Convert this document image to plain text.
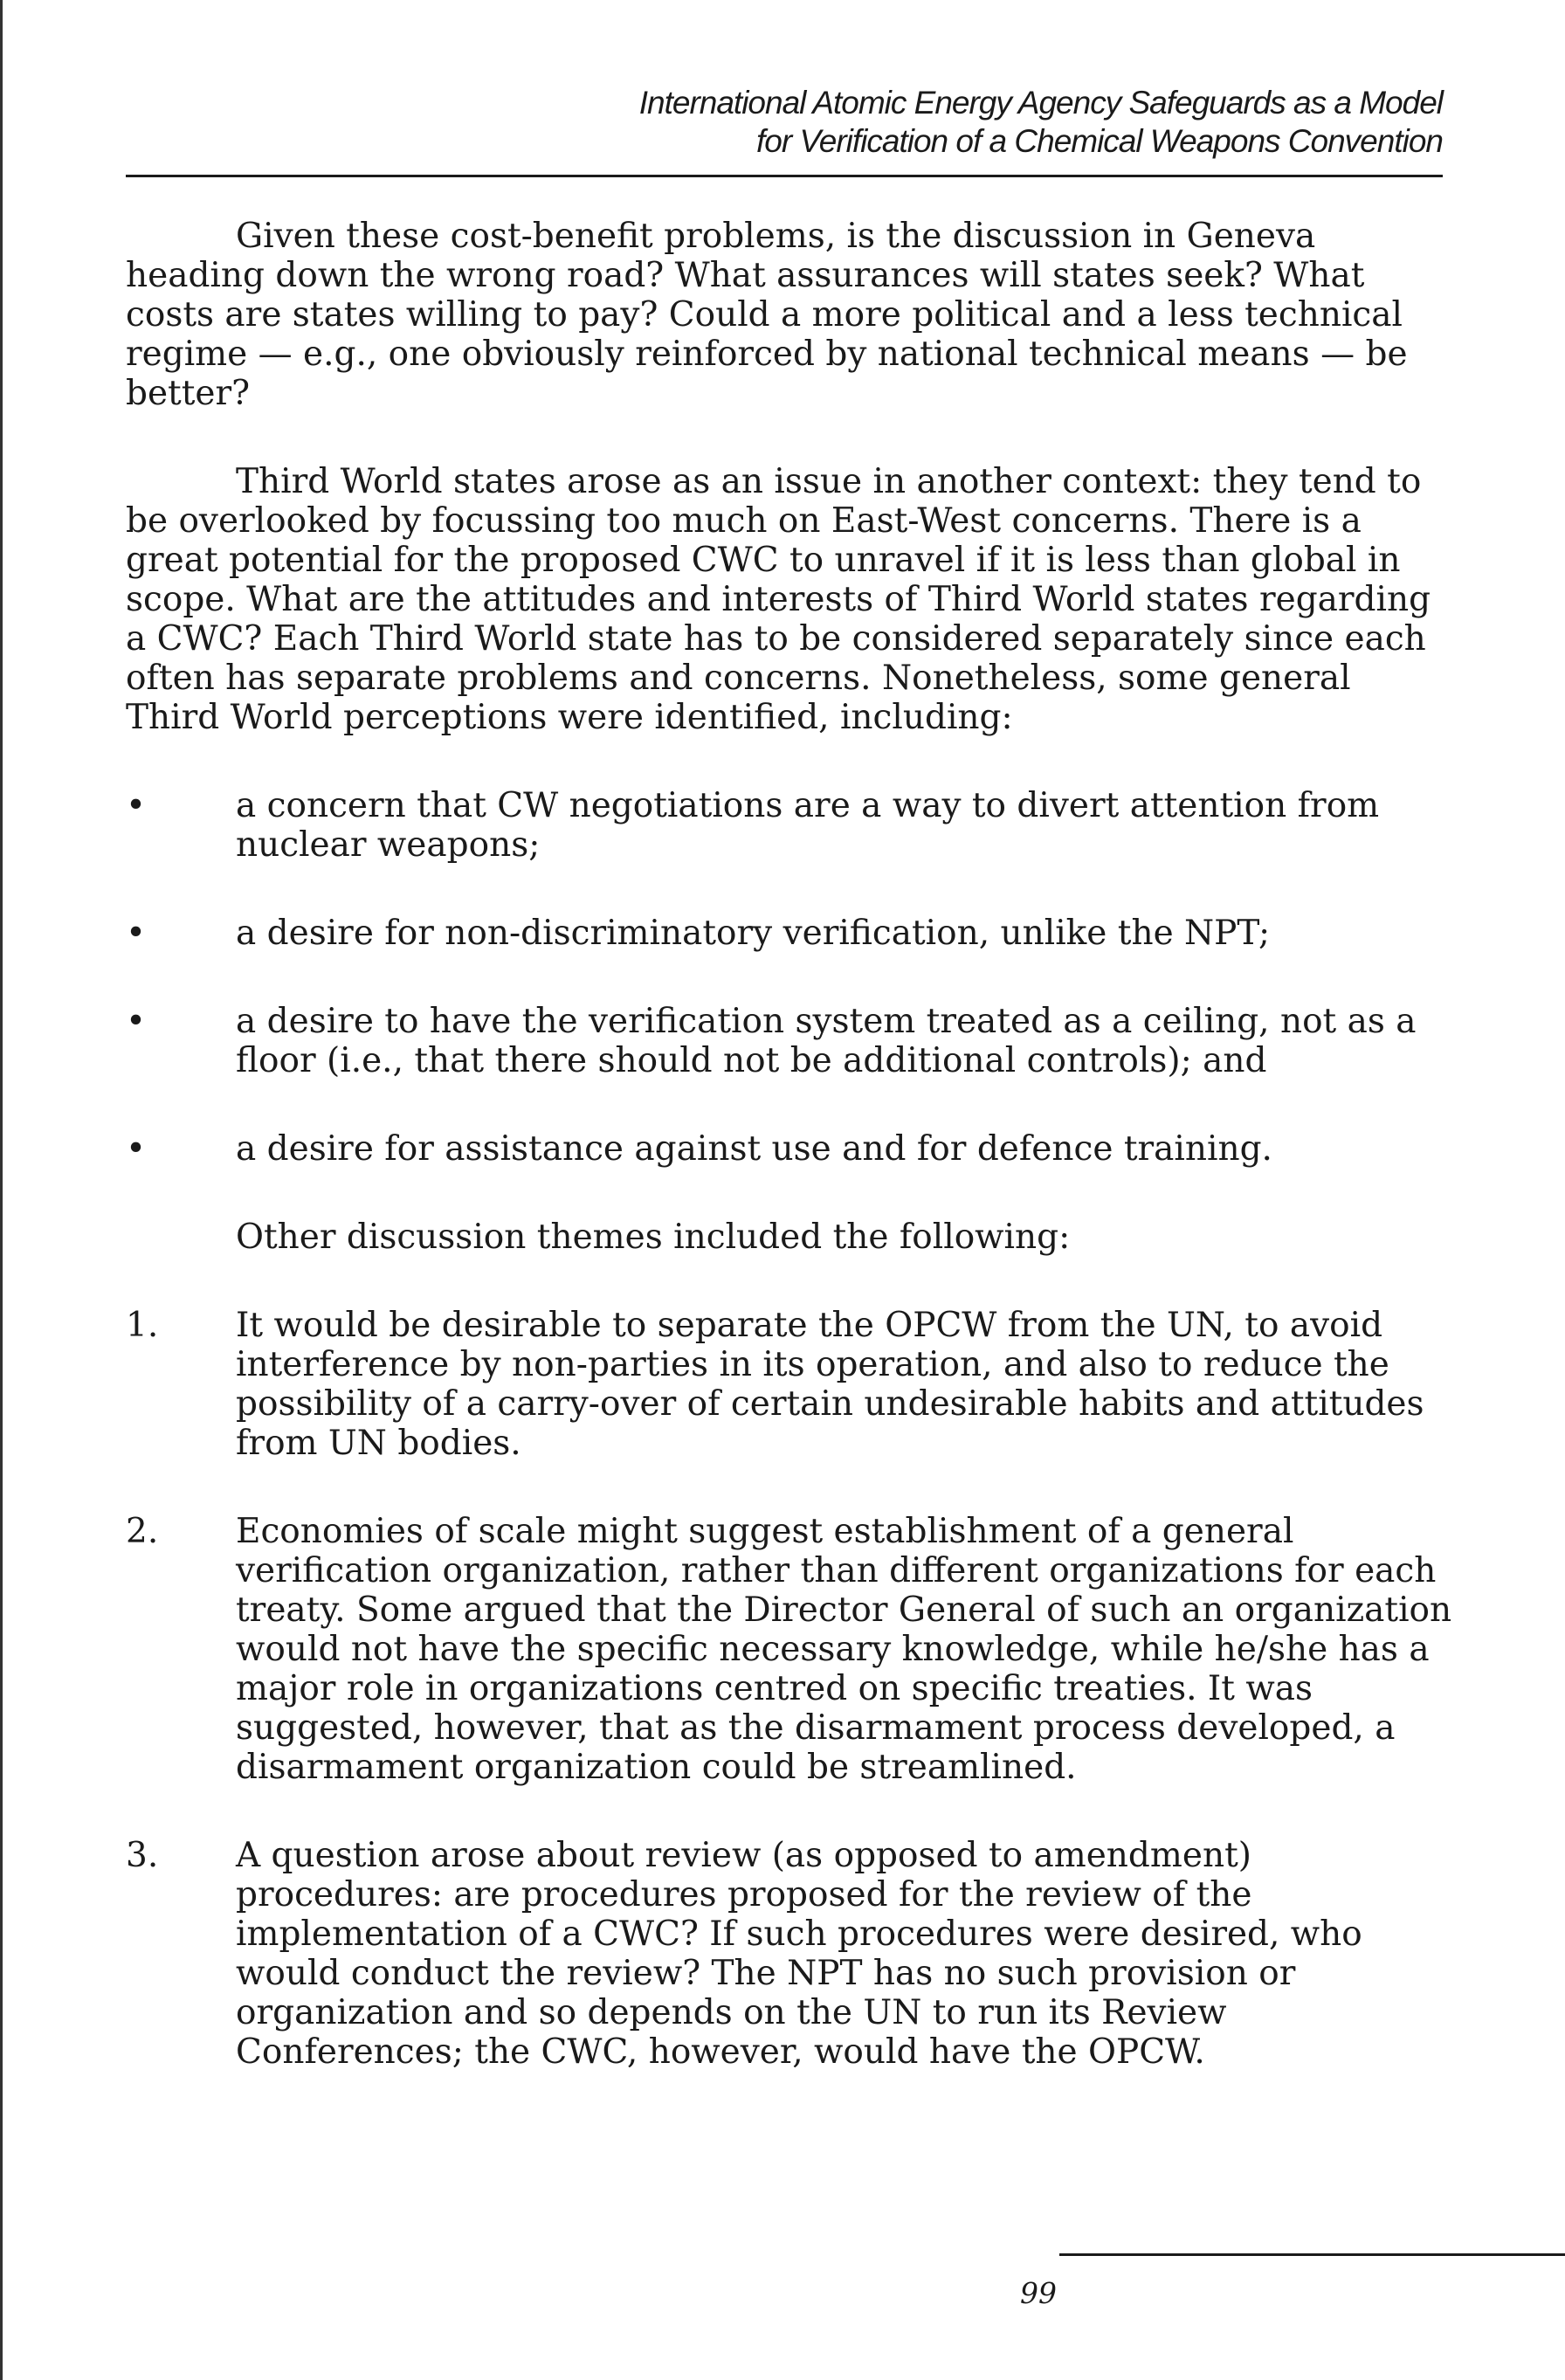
International Atomic Energy Agency Safeguards as a Model
for Verification of a Chemical Weapons Convention

Given these cost-benefit problems, is the discussion in Geneva heading down the wrong road? What assurances will states seek? What costs are states willing to pay? Could a more political and a less technical regime — e.g., one obviously reinforced by national technical means — be better?

Third World states arose as an issue in another context: they tend to be overlooked by focussing too much on East-West concerns. There is a great potential for the proposed CWC to unravel if it is less than global in scope. What are the attitudes and interests of Third World states regarding a CWC? Each Third World state has to be considered separately since each often has separate problems and concerns. Nonetheless, some general Third World perceptions were identified, including:

•	a concern that CW negotiations are a way to divert attention from nuclear weapons;
•	a desire for non-discriminatory verification, unlike the NPT;
•	a desire to have the verification system treated as a ceiling, not as a floor (i.e., that there should not be additional controls); and
•	a desire for assistance against use and for defence training.

Other discussion themes included the following:

1.	It would be desirable to separate the OPCW from the UN, to avoid interference by non-parties in its operation, and also to reduce the possibility of a carry-over of certain undesirable habits and attitudes from UN bodies.
2.	Economies of scale might suggest establishment of a general verification organization, rather than different organizations for each treaty. Some argued that the Director General of such an organization would not have the specific necessary knowledge, while he/she has a major role in organizations centred on specific treaties. It was suggested, however, that as the disarmament process developed, a disarmament organization could be streamlined.
3.	A question arose about review (as opposed to amendment) procedures: are procedures proposed for the review of the implementation of a CWC? If such procedures were desired, who would conduct the review? The NPT has no such provision or organization and so depends on the UN to run its Review Conferences; the CWC, however, would have the OPCW.
99
